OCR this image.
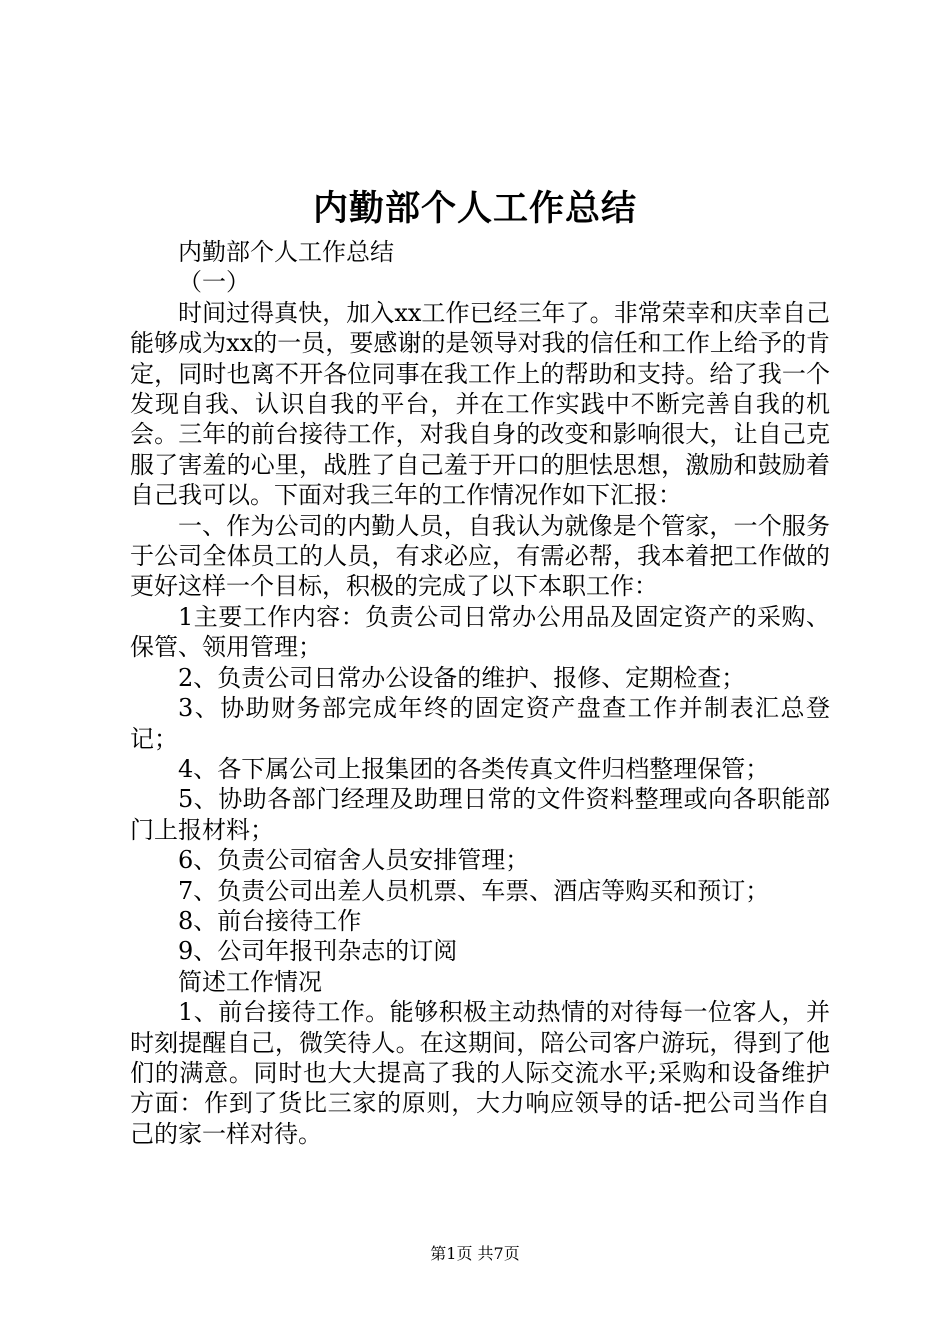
内勤部个人工作总结

内勤部个人工作总结

（一）

时间过得真快，加入xx工作已经三年了。非常荣幸和庆幸自己能够成为xx的一员，要感谢的是领导对我的信任和工作上给予的肯定，同时也离不开各位同事在我工作上的帮助和支持。给了我一个发现自我、认识自我的平台，并在工作实践中不断完善自我的机会。三年的前台接待工作，对我自身的改变和影响很大，让自己克服了害羞的心里，战胜了自己羞于开口的胆怯思想，激励和鼓励着自己我可以。下面对我三年的工作情况作如下汇报：

一、作为公司的内勤人员，自我认为就像是个管家，一个服务于公司全体员工的人员，有求必应，有需必帮，我本着把工作做的更好这样一个目标，积极的完成了以下本职工作：

1主要工作内容：负责公司日常办公用品及固定资产的采购、保管、领用管理；

2、负责公司日常办公设备的维护、报修、定期检查；

3、协助财务部完成年终的固定资产盘查工作并制表汇总登记；

4、各下属公司上报集团的各类传真文件归档整理保管；

5、协助各部门经理及助理日常的文件资料整理或向各职能部门上报材料；

6、负责公司宿舍人员安排管理；

7、负责公司出差人员机票、车票、酒店等购买和预订；

8、前台接待工作

9、公司年报刊杂志的订阅

简述工作情况

1、前台接待工作。能够积极主动热情的对待每一位客人，并时刻提醒自己，微笑待人。在这期间，陪公司客户游玩，得到了他们的满意。同时也大大提高了我的人际交流水平;采购和设备维护方面：作到了货比三家的原则，大力响应领导的话-把公司当作自己的家一样对待。

第1页 共7页
